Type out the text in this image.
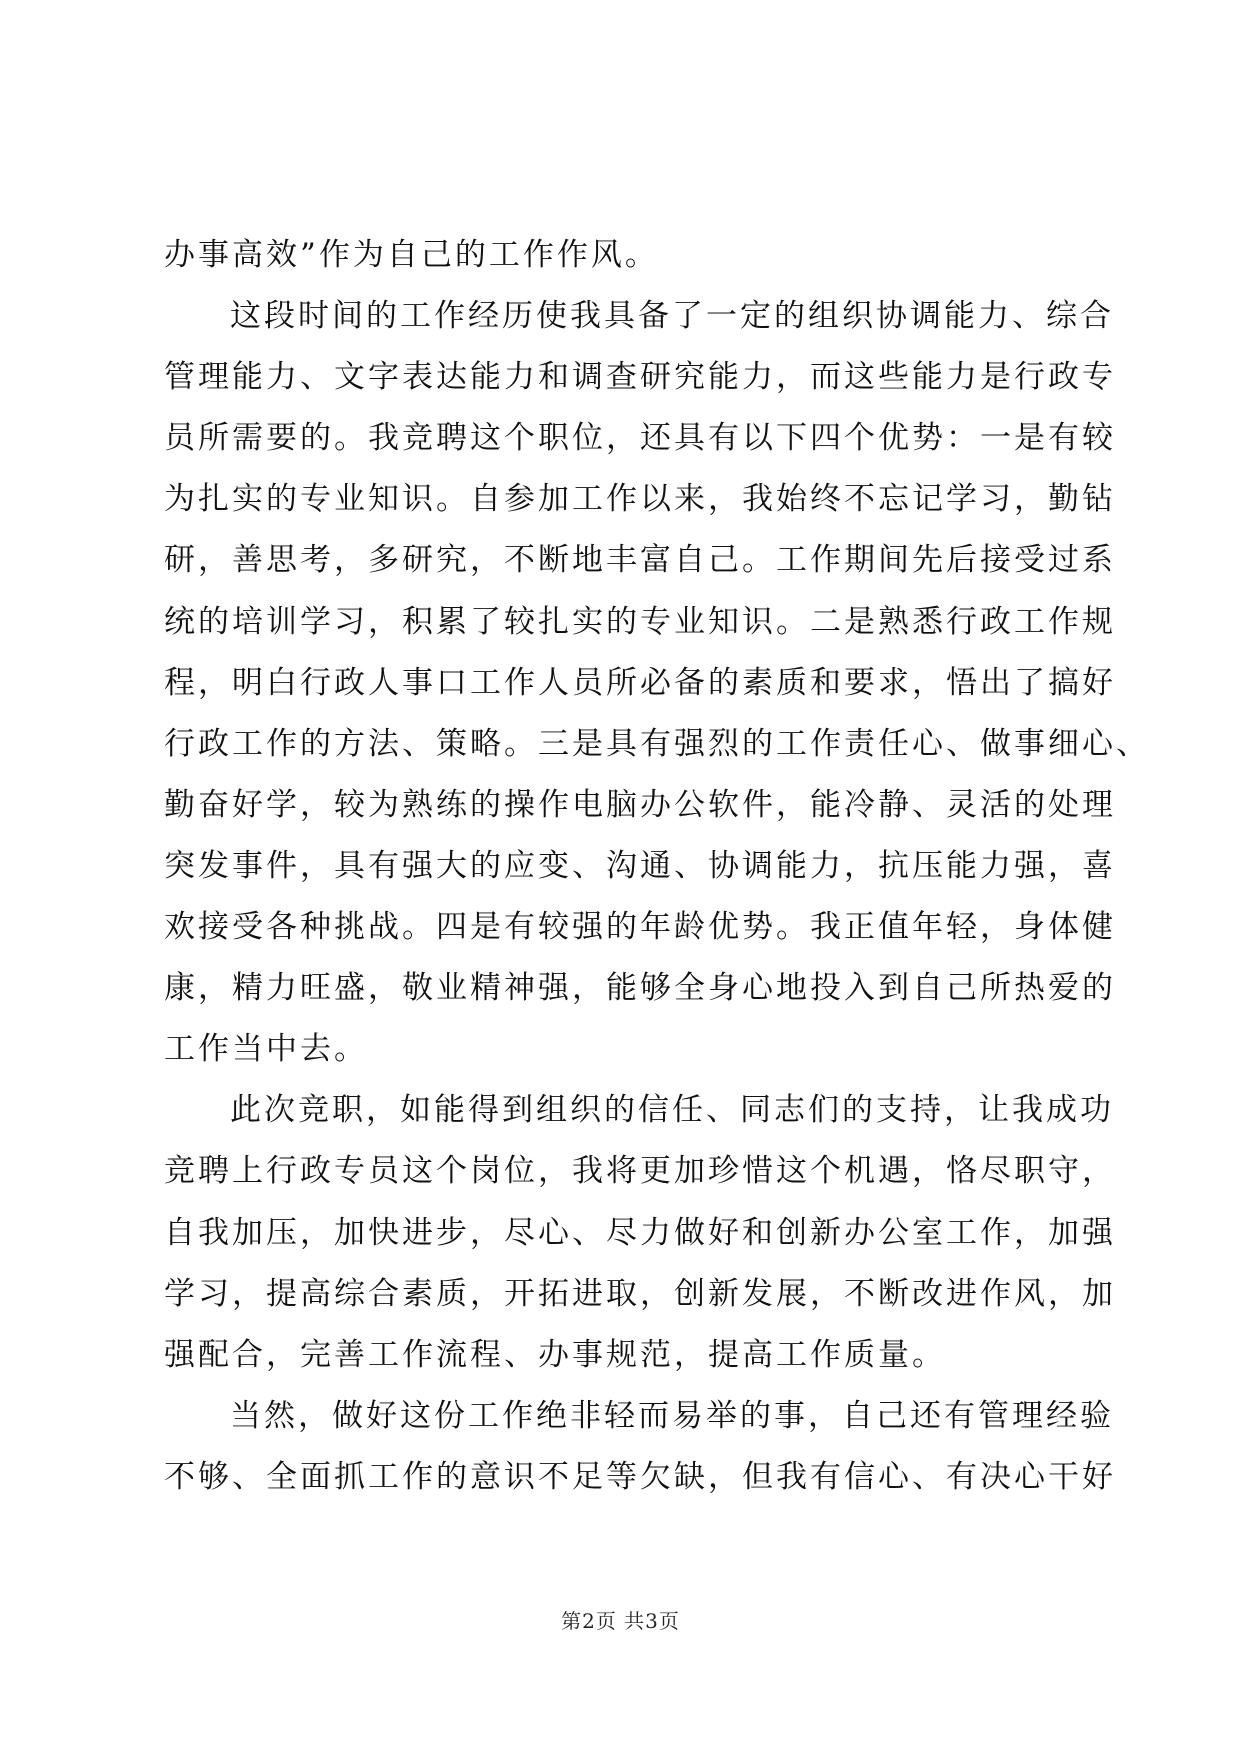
办事高效”作为自己的工作作风。
这段时间的工作经历使我具备了一定的组织协调能力、综合
管理能力、文字表达能力和调查研究能力，而这些能力是行政专
员所需要的。我竞聘这个职位，还具有以下四个优势：一是有较
为扎实的专业知识。自参加工作以来，我始终不忘记学习，勤钻
研，善思考，多研究，不断地丰富自己。工作期间先后接受过系
统的培训学习，积累了较扎实的专业知识。二是熟悉行政工作规
程，明白行政人事口工作人员所必备的素质和要求，悟出了搞好
行政工作的方法、策略。三是具有强烈的工作责任心、做事细心、
勤奋好学，较为熟练的操作电脑办公软件，能冷静、灵活的处理
突发事件，具有强大的应变、沟通、协调能力，抗压能力强，喜
欢接受各种挑战。四是有较强的年龄优势。我正值年轻，身体健
康，精力旺盛，敬业精神强，能够全身心地投入到自己所热爱的
工作当中去。
此次竞职，如能得到组织的信任、同志们的支持，让我成功
竞聘上行政专员这个岗位，我将更加珍惜这个机遇，恪尽职守，
自我加压，加快进步，尽心、尽力做好和创新办公室工作，加强
学习，提高综合素质，开拓进取，创新发展，不断改进作风，加
强配合，完善工作流程、办事规范，提高工作质量。
当然，做好这份工作绝非轻而易举的事，自己还有管理经验
不够、全面抓工作的意识不足等欠缺，但我有信心、有决心干好
第2页 共3页
